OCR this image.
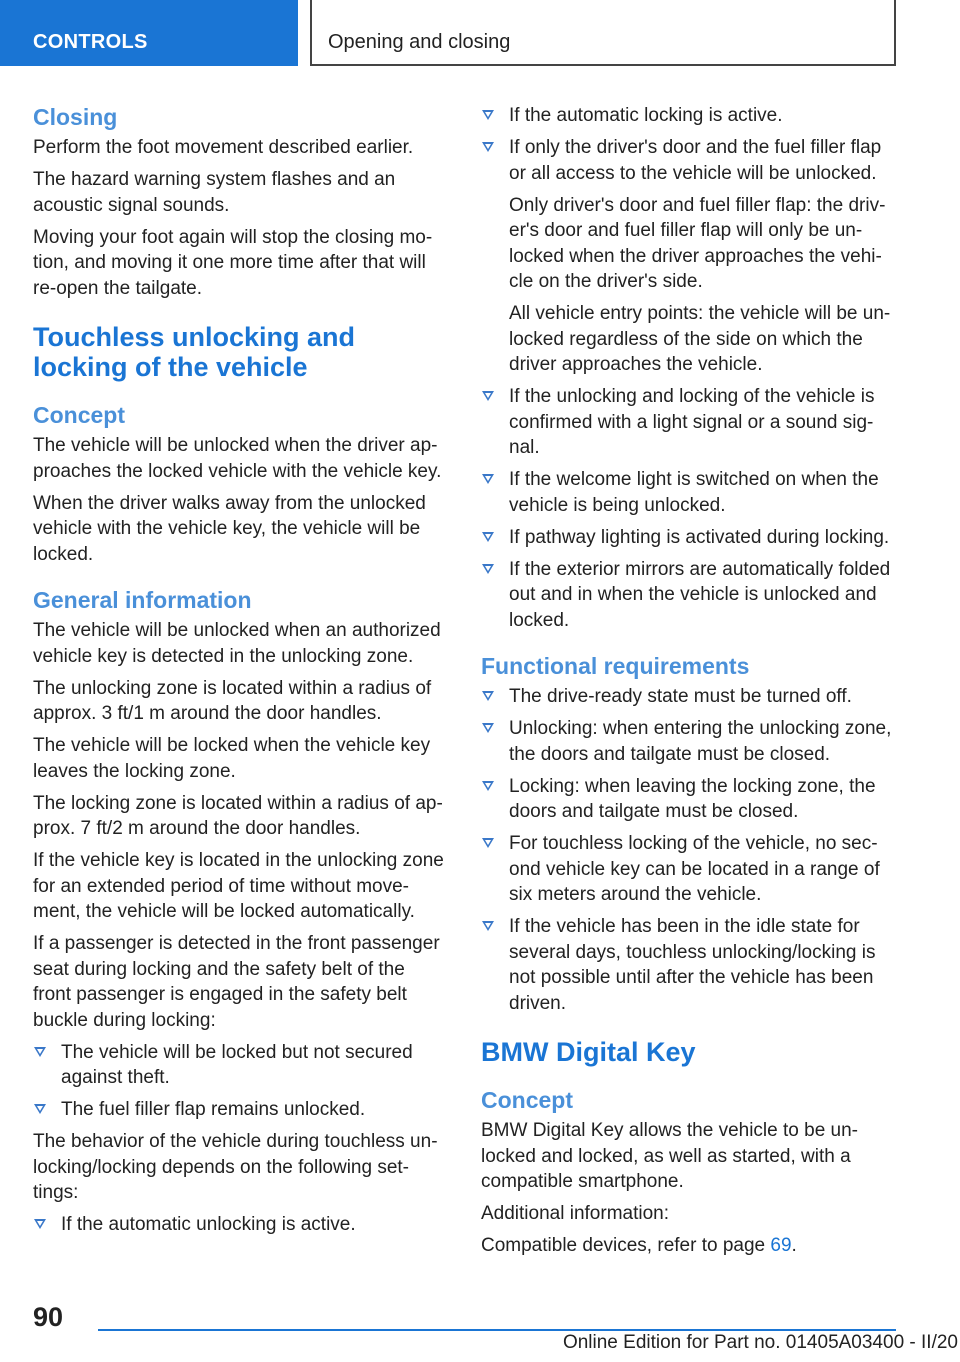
CONTROLS	Opening and closing
Closing

Perform the foot movement described earlier.

The hazard warning system flashes and an acoustic signal sounds.

Moving your foot again will stop the closing mo-tion, and moving it one more time after that will re-open the tailgate.

Touchless unlocking and locking of the vehicle
Concept

The vehicle will be unlocked when the driver ap-proaches the locked vehicle with the vehicle key.

When the driver walks away from the unlocked vehicle with the vehicle key, the vehicle will be locked.

General information

The vehicle will be unlocked when an authorized vehicle key is detected in the unlocking zone.

The unlocking zone is located within a radius of approx. 3 ft/1 m around the door handles.

The vehicle will be locked when the vehicle key leaves the locking zone.

The locking zone is located within a radius of ap-prox. 7 ft/2 m around the door handles.

If the vehicle key is located in the unlocking zone for an extended period of time without move-ment, the vehicle will be locked automatically.

If a passenger is detected in the front passenger seat during locking and the safety belt of the front passenger is engaged in the safety belt buckle during locking:

The vehicle will be locked but not secured against theft.
The fuel filler flap remains unlocked.

The behavior of the vehicle during touchless un-locking/locking depends on the following set-tings:

If the automatic unlocking is active.
If the automatic locking is active.
If only the driver's door and the fuel filler flap or all access to the vehicle will be unlocked.
Only driver's door and fuel filler flap: the driv-er's door and fuel filler flap will only be un-locked when the driver approaches the vehi-cle on the driver's side.
All vehicle entry points: the vehicle will be un-locked regardless of the side on which the driver approaches the vehicle.
If the unlocking and locking of the vehicle is confirmed with a light signal or a sound sig-nal.
If the welcome light is switched on when the vehicle is being unlocked.
If pathway lighting is activated during locking.
If the exterior mirrors are automatically folded out and in when the vehicle is unlocked and locked.
Functional requirements
The drive-ready state must be turned off.
Unlocking: when entering the unlocking zone, the doors and tailgate must be closed.
Locking: when leaving the locking zone, the doors and tailgate must be closed.
For touchless locking of the vehicle, no sec-ond vehicle key can be located in a range of six meters around the vehicle.
If the vehicle has been in the idle state for several days, touchless unlocking/locking is not possible until after the vehicle has been driven.
BMW Digital Key
Concept

BMW Digital Key allows the vehicle to be un-locked and locked, as well as started, with a compatible smartphone.

Additional information:

Compatible devices, refer to page 69.

90
Online Edition for Part no. 01405A03400 - II/20
